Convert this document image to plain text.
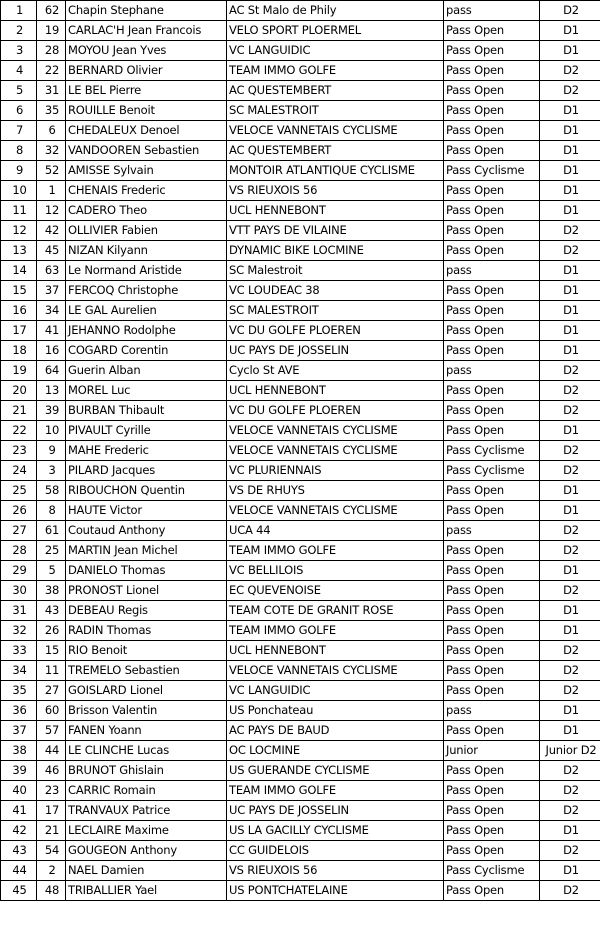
1	62	Chapin Stephane	AC St Malo de Phily	pass	D2
2	19	CARLAC'H Jean Francois	VELO SPORT PLOERMEL	Pass Open	D1
3	28	MOYOU Jean Yves	VC LANGUIDIC	Pass Open	D1
4	22	BERNARD Olivier	TEAM IMMO GOLFE	Pass Open	D2
5	31	LE BEL Pierre	AC QUESTEMBERT	Pass Open	D2
6	35	ROUILLE Benoit	SC MALESTROIT	Pass Open	D1
7	6	CHEDALEUX Denoel	VELOCE VANNETAIS CYCLISME	Pass Open	D1
8	32	VANDOOREN Sebastien	AC QUESTEMBERT	Pass Open	D1
9	52	AMISSE Sylvain	MONTOIR ATLANTIQUE CYCLISME	Pass Cyclisme	D1
10	1	CHENAIS Frederic	VS RIEUXOIS 56	Pass Open	D1
11	12	CADERO Theo	UCL HENNEBONT	Pass Open	D1
12	42	OLLIVIER Fabien	VTT PAYS DE VILAINE	Pass Open	D2
13	45	NIZAN Kilyann	DYNAMIC BIKE LOCMINE	Pass Open	D2
14	63	Le Normand Aristide	SC Malestroit	pass	D1
15	37	FERCOQ Christophe	VC LOUDEAC 38	Pass Open	D1
16	34	LE GAL Aurelien	SC MALESTROIT	Pass Open	D1
17	41	JEHANNO Rodolphe	VC DU GOLFE PLOEREN	Pass Open	D1
18	16	COGARD Corentin	UC PAYS DE JOSSELIN	Pass Open	D1
19	64	Guerin Alban	Cyclo St AVE	pass	D2
20	13	MOREL Luc	UCL HENNEBONT	Pass Open	D2
21	39	BURBAN Thibault	VC DU GOLFE PLOEREN	Pass Open	D2
22	10	PIVAULT Cyrille	VELOCE VANNETAIS CYCLISME	Pass Open	D1
23	9	MAHE Frederic	VELOCE VANNETAIS CYCLISME	Pass Cyclisme	D2
24	3	PILARD Jacques	VC PLURIENNAIS	Pass Cyclisme	D2
25	58	RIBOUCHON Quentin	VS DE RHUYS	Pass Open	D1
26	8	HAUTE Victor	VELOCE VANNETAIS CYCLISME	Pass Open	D1
27	61	Coutaud Anthony	UCA 44	pass	D2
28	25	MARTIN Jean Michel	TEAM IMMO GOLFE	Pass Open	D2
29	5	DANIELO Thomas	VC BELLILOIS	Pass Open	D1
30	38	PRONOST Lionel	EC QUEVENOISE	Pass Open	D2
31	43	DEBEAU Regis	TEAM COTE DE GRANIT ROSE	Pass Open	D1
32	26	RADIN Thomas	TEAM IMMO GOLFE	Pass Open	D1
33	15	RIO Benoit	UCL HENNEBONT	Pass Open	D2
34	11	TREMELO Sebastien	VELOCE VANNETAIS CYCLISME	Pass Open	D2
35	27	GOISLARD Lionel	VC LANGUIDIC	Pass Open	D2
36	60	Brisson Valentin	US Ponchateau	pass	D1
37	57	FANEN Yoann	AC PAYS DE BAUD	Pass Open	D1
38	44	LE CLINCHE Lucas	OC LOCMINE	Junior	Junior D2
39	46	BRUNOT Ghislain	US GUERANDE CYCLISME	Pass Open	D2
40	23	CARRIC Romain	TEAM IMMO GOLFE	Pass Open	D2
41	17	TRANVAUX Patrice	UC PAYS DE JOSSELIN	Pass Open	D2
42	21	LECLAIRE Maxime	US LA GACILLY CYCLISME	Pass Open	D1
43	54	GOUGEON Anthony	CC GUIDELOIS	Pass Open	D2
44	2	NAEL Damien	VS RIEUXOIS 56	Pass Cyclisme	D1
45	48	TRIBALLIER Yael	US PONTCHATELAINE	Pass Open	D2
